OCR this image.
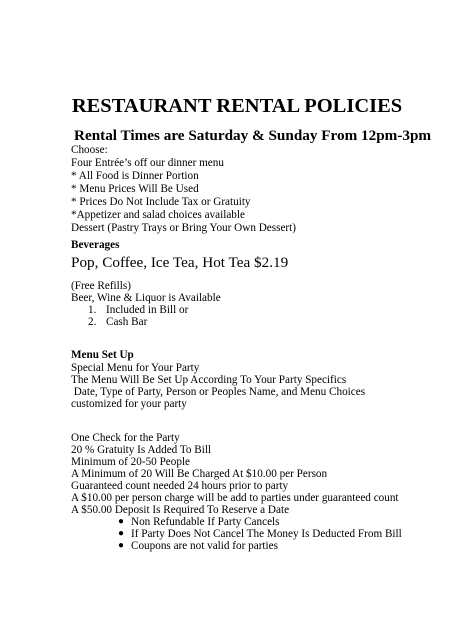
RESTAURANT RENTAL POLICIES
Rental Times are Saturday & Sunday From 12pm-3pm
Choose:
Four Entrée’s off our dinner menu
* All Food is Dinner Portion
* Menu Prices Will Be Used
* Prices Do Not Include Tax or Gratuity
*Appetizer and salad choices available
Dessert (Pastry Trays or Bring Your Own Dessert)
Beverages
Pop, Coffee, Ice Tea, Hot Tea $2.19
(Free Refills)
Beer, Wine & Liquor is Available
1. Included in Bill or
2. Cash Bar
Menu Set Up
Special Menu for Your Party
The Menu Will Be Set Up According To Your Party Specifics
Date, Type of Party, Person or Peoples Name, and Menu Choices
customized for your party
One Check for the Party
20 % Gratuity Is Added To Bill
Minimum of 20-50 People
A Minimum of 20 Will Be Charged At $10.00 per Person
Guaranteed count needed 24 hours prior to party
A $10.00 per person charge will be add to parties under guaranteed count
A $50.00 Deposit Is Required To Reserve a Date
● Non Refundable If Party Cancels
● If Party Does Not Cancel The Money Is Deducted From Bill
● Coupons are not valid for parties
